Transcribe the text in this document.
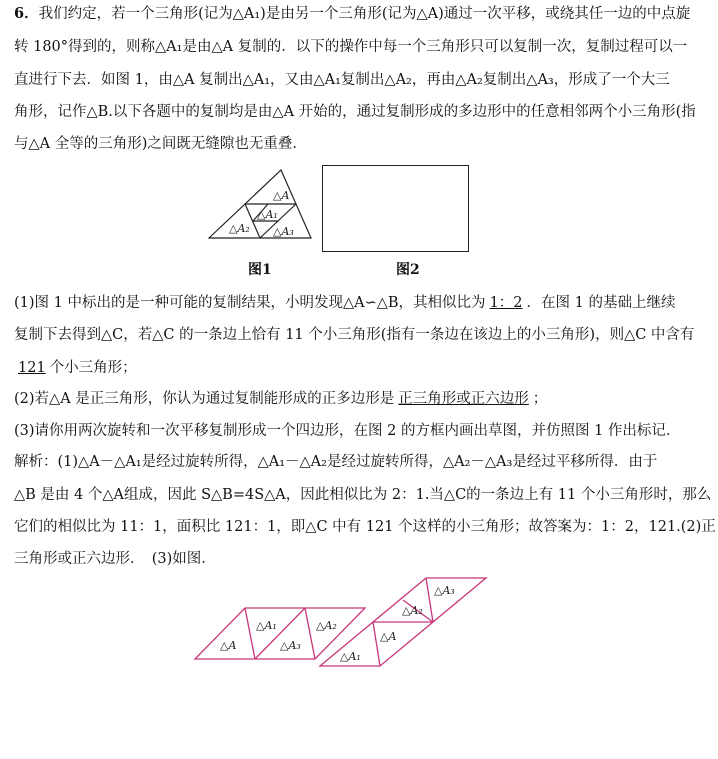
6．我们约定，若一个三角形(记为△A₁)是由另一个三角形(记为△A)通过一次平移，或绕其任一边的中点旋
转 180°得到的，则称△A₁是由△A 复制的．以下的操作中每一个三角形只可以复制一次，复制过程可以一
直进行下去．如图 1，由△A 复制出△A₁，又由△A₁复制出△A₂，再由△A₂复制出△A₃，形成了一个大三
角形，记作△B.以下各题中的复制均是由△A 开始的，通过复制形成的多边形中的任意相邻两个小三角形(指
与△A 全等的三角形)之间既无缝隙也无重叠．
△A
△A₁
△A₂ △A₃
图1	图2
(1)图 1 中标出的是一种可能的复制结果，小明发现△A∽△B，其相似比为 1：2 ．在图 1 的基础上继续
复制下去得到△C，若△C 的一条边上恰有 11 个小三角形(指有一条边在该边上的小三角形)，则△C 中含有
121 个小三角形；
(2)若△A 是正三角形，你认为通过复制能形成的正多边形是 正三角形或正六边形 ；
(3)请你用两次旋转和一次平移复制形成一个四边形，在图 2 的方框内画出草图，并仿照图 1 作出标记．
解析：(1)△A－△A₁是经过旋转所得，△A₁－△A₂是经过旋转所得，△A₂－△A₃是经过平移所得．由于
△B 是由 4 个△A组成，因此 S△B=4S△A，因此相似比为 2：1.当△C的一条边上有 11 个小三角形时，那么
它们的相似比为 11：1，面积比 121：1，即△C 中有 121 个这样的小三角形；故答案为：1：2，121.(2)正
三角形或正六边形．　(3)如图．
△A
△A₁
△A₃
△A₂
△A₁
△A
△A₂
△A₃
